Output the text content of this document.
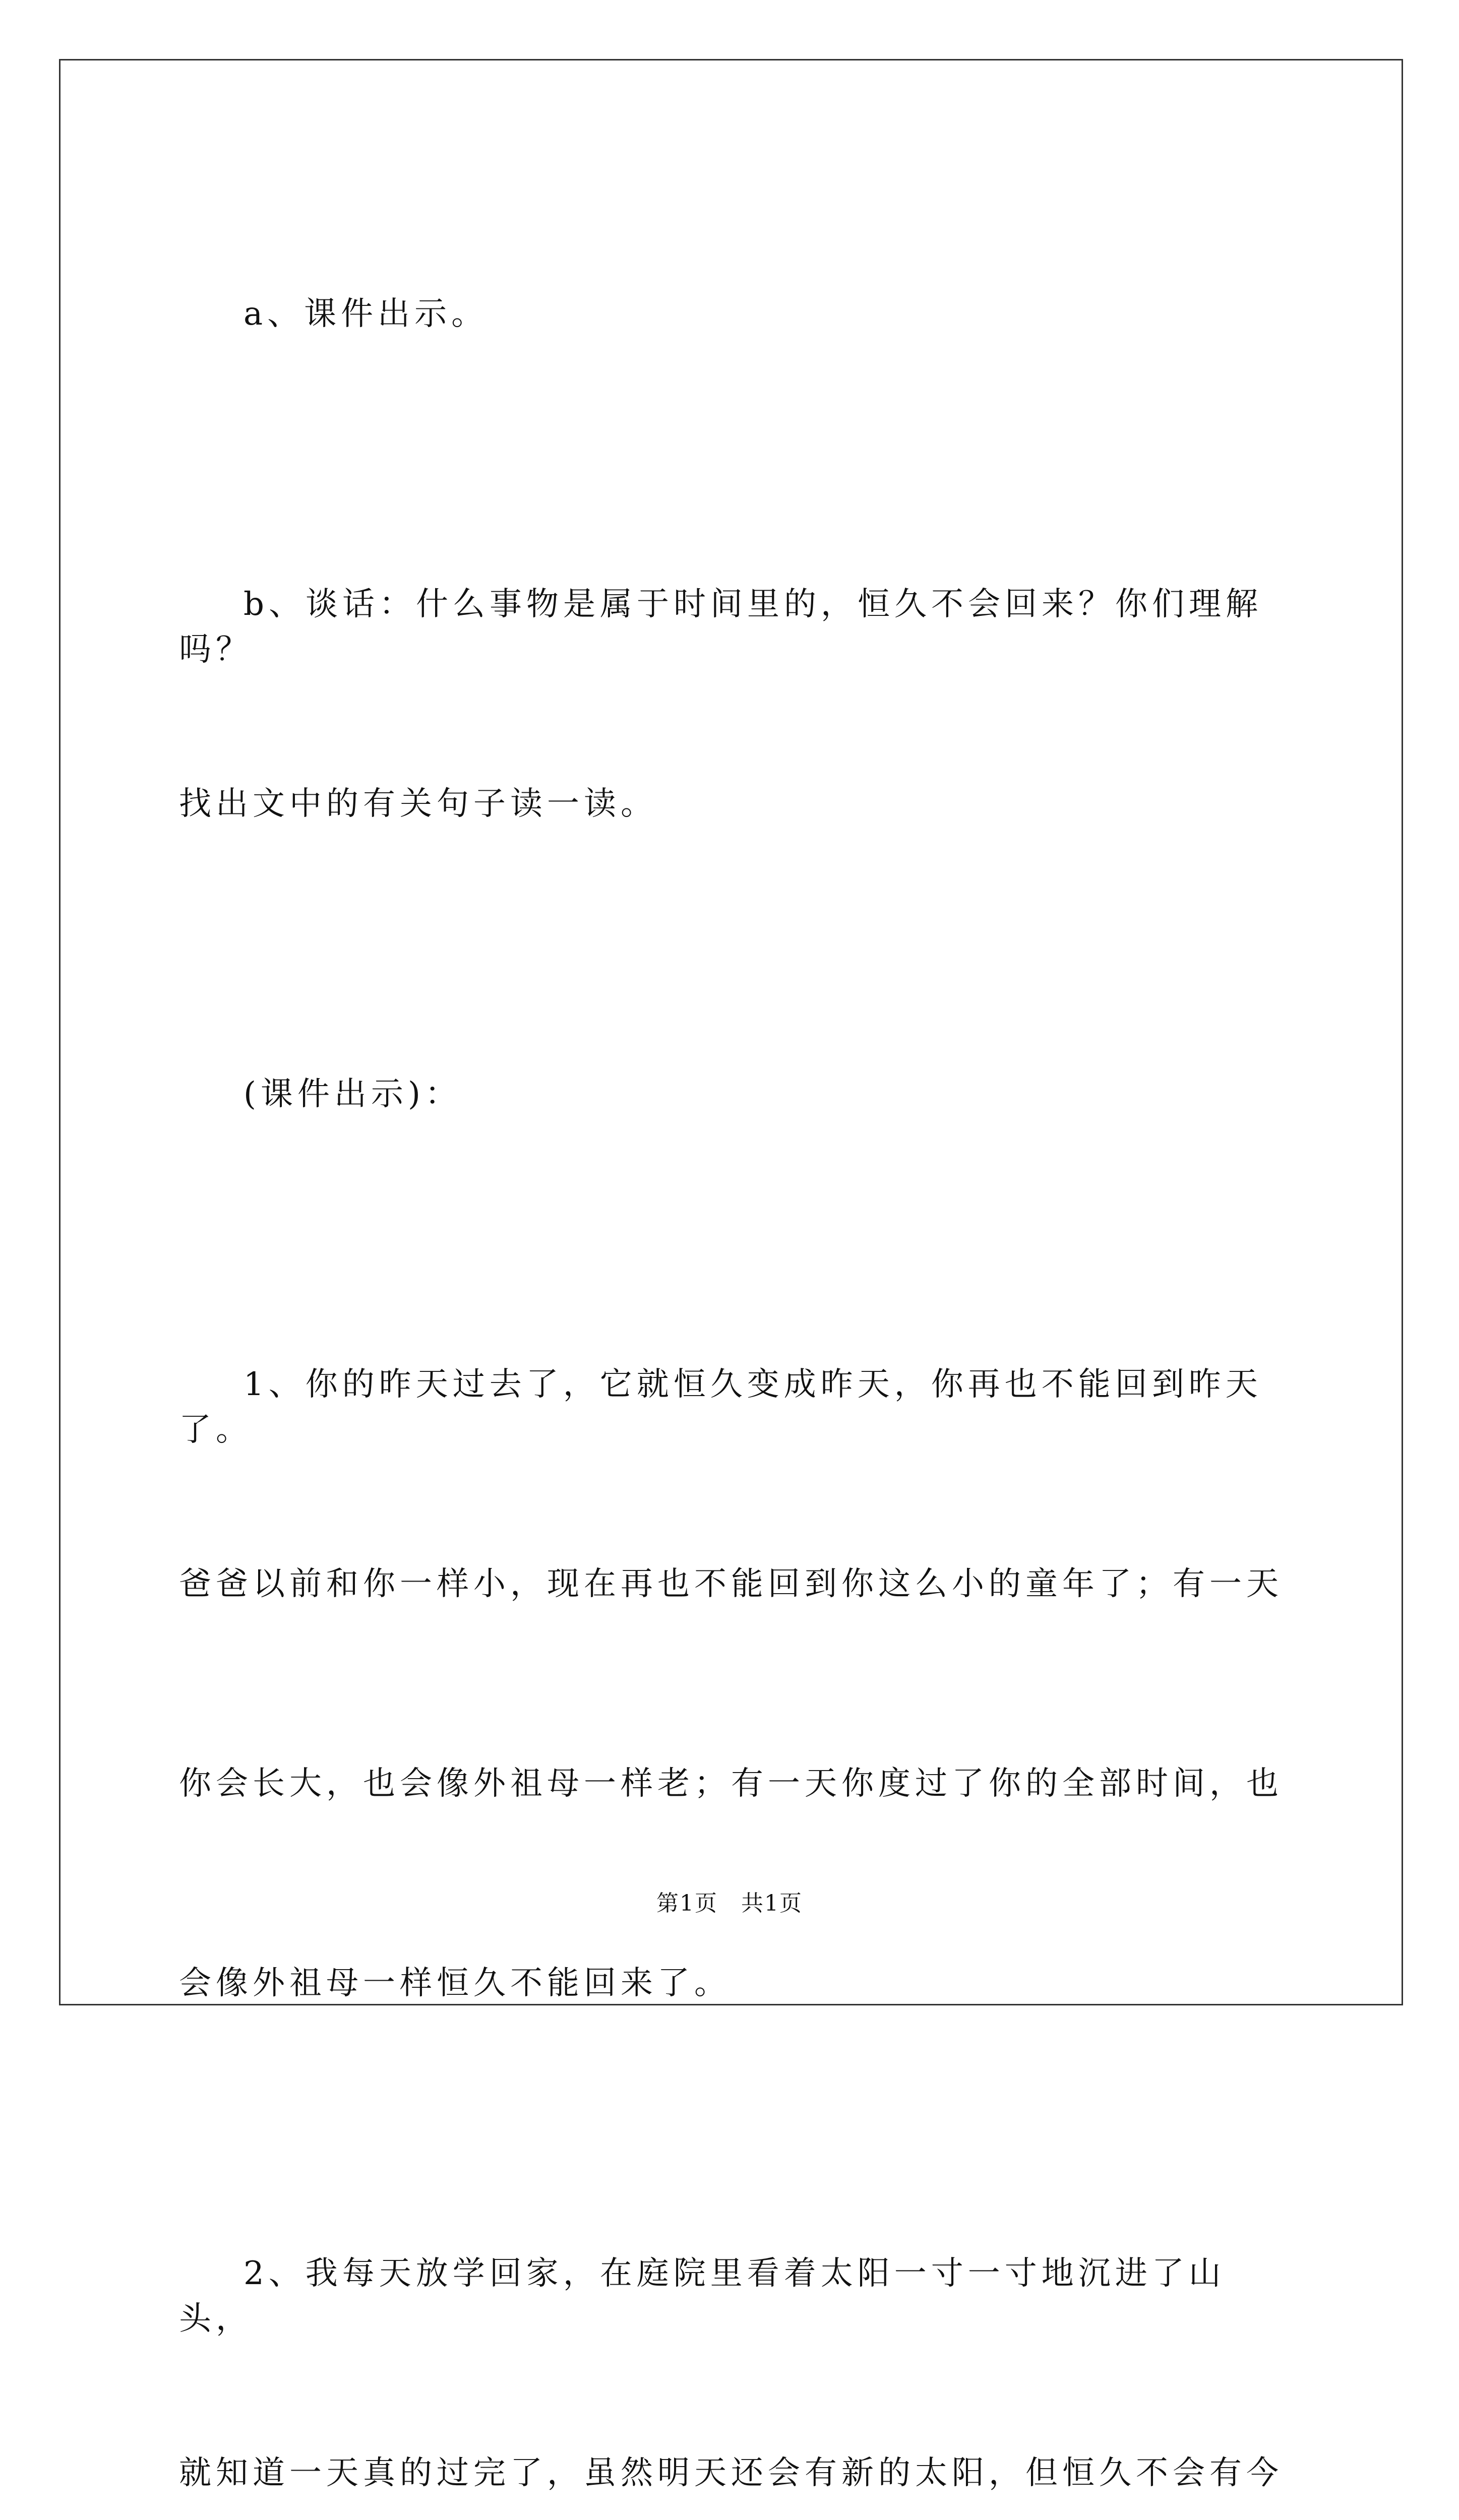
a、课件出示。

b、谈话：什么事物是属于时间里的，恒久不会回来？你们理解吗？

找出文中的有关句子读一读。

(课件出示)：

1、你的昨天过去了，它就恒久变成昨天，你再也不能回到昨天了。

爸爸以前和你一样小，现在再也不能回到你这么小的童年了；有一天

你会长大，也会像外祖母一样老；有一天你度过了你的全部时间，也

会像外祖母一样恒久不能回来了。

2、我每天放学回家，在庭院里看着太阳一寸一寸地沉进了山头，

就知道一天真的过完了，虽然明天还会有新的太阳，但恒久不会有今

第1页　共1页
